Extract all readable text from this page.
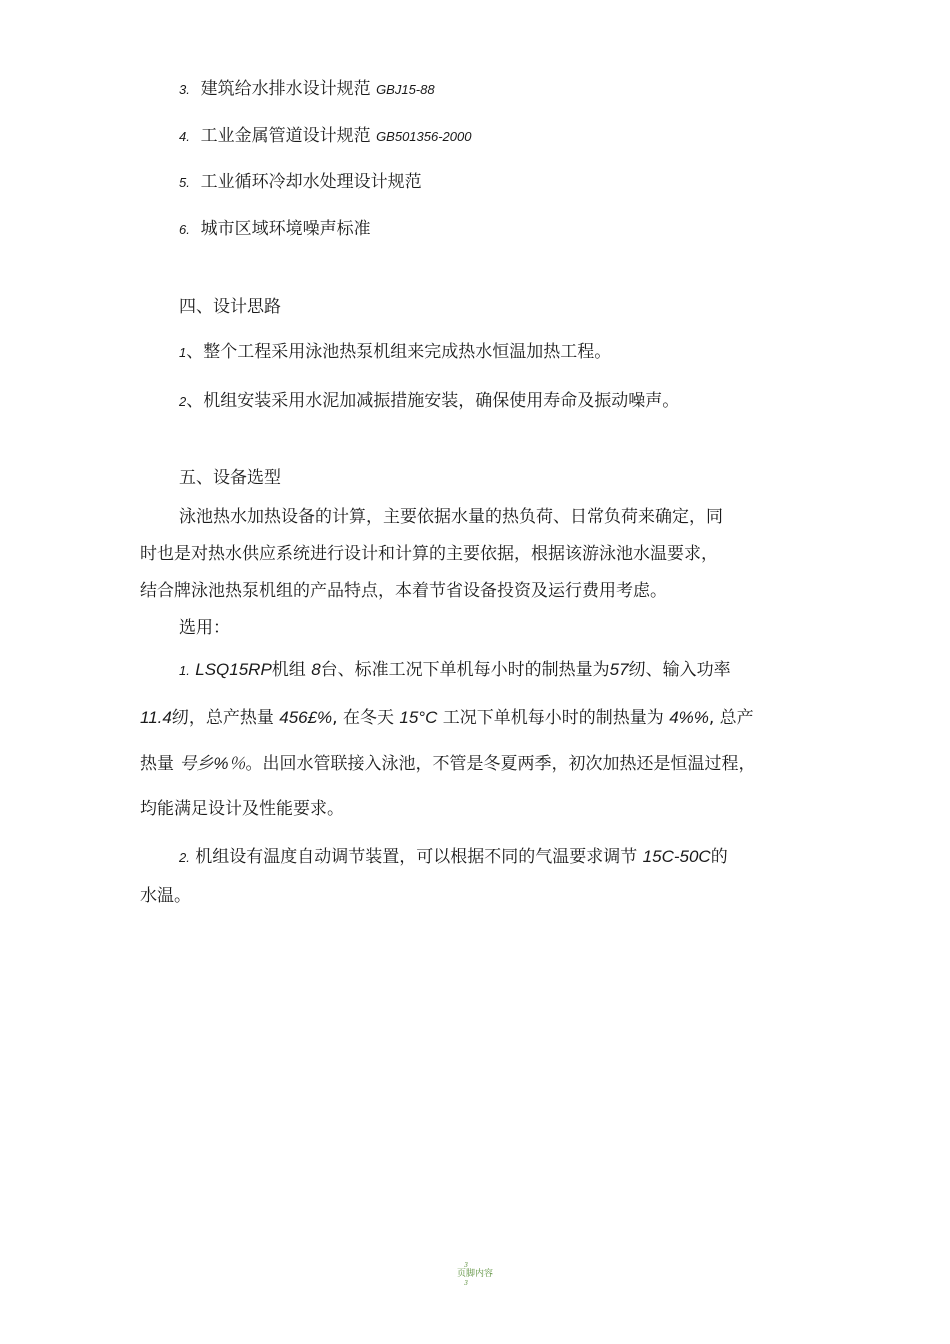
3. 建筑给水排水设计规范 GBJ15-88
4. 工业金属管道设计规范 GB501356-2000
5. 工业循环冷却水处理设计规范
6. 城市区域环境噪声标准
四、设计思路
1、整个工程采用泳池热泵机组来完成热水恒温加热工程。
2、机组安装采用水泥加减振措施安装，确保使用寿命及振动噪声。
五、设备选型
泳池热水加热设备的计算，主要依据水量的热负荷、日常负荷来确定，同
时也是对热水供应系统进行设计和计算的主要依据，根据该游泳池水温要求，
结合牌泳池热泵机组的产品特点，本着节省设备投资及运行费用考虑。
选用：
1. LSQ15RP机组 8台、标准工况下单机每小时的制热量为57纫、输入功率
11.4纫，总产热量 456£%, 在冬天 15°C 工况下单机每小时的制热量为 4%%, 总产
热量 号乡%％。出回水管联接入泳池，不管是冬夏两季，初次加热还是恒温过程，
均能满足设计及性能要求。
2. 机组设有温度自动调节装置，可以根据不同的气温要求调节 15C-50C的
水温。
3
页脚内容
3
